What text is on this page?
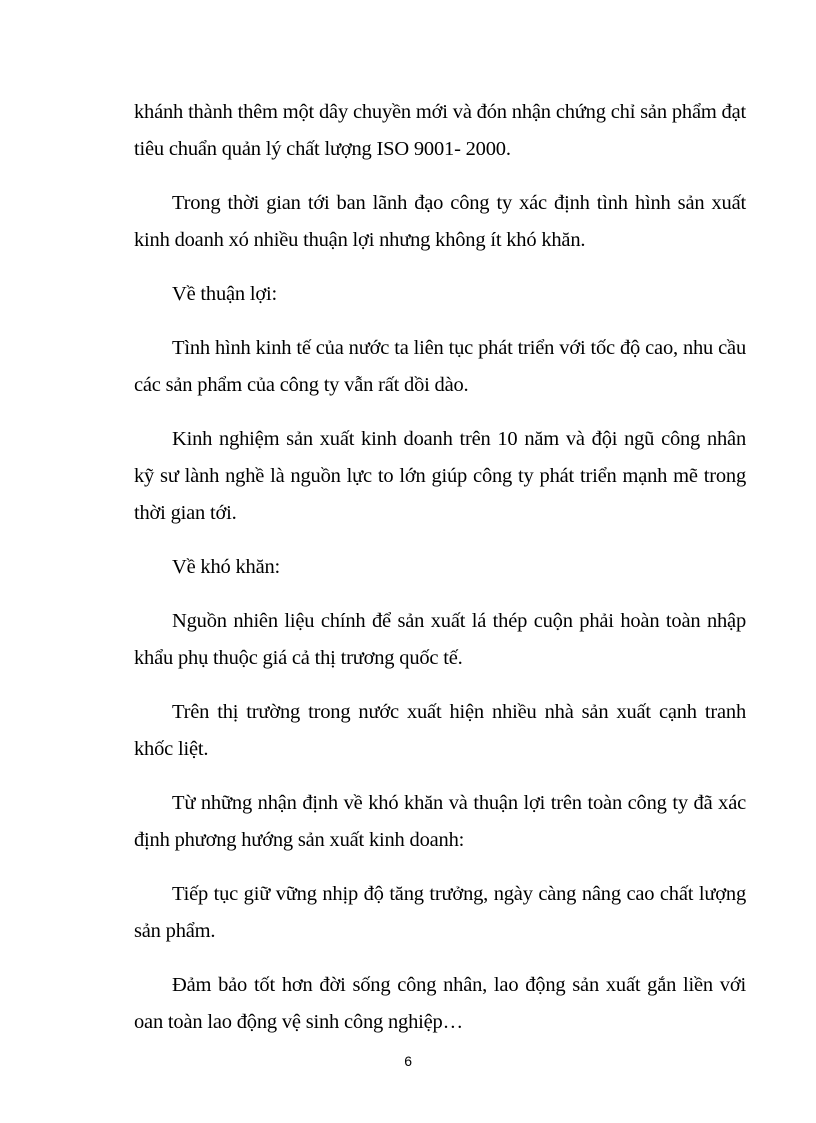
khánh thành thêm một dây chuyền mới và đón nhận chứng chỉ sản phẩm đạt tiêu chuẩn quản lý chất lượng ISO 9001- 2000.

Trong thời gian tới ban lãnh đạo công ty xác định tình hình sản xuất kinh doanh xó nhiều thuận lợi nhưng không ít khó khăn.

Về thuận lợi:

Tình hình kinh tế của nước ta liên tục phát triển với tốc độ cao, nhu cầu các sản phẩm của công ty vẫn rất dồi dào.

Kinh nghiệm sản xuất kinh doanh trên 10 năm và đội ngũ công nhân kỹ sư lành nghề là nguồn lực to lớn giúp công ty phát triển mạnh mẽ trong thời gian tới.

Về khó khăn:

Nguồn nhiên liệu chính để sản xuất lá thép cuộn phải hoàn toàn nhập khẩu phụ thuộc giá cả thị trương quốc tế.

Trên thị trường trong nước xuất hiện nhiều nhà sản xuất cạnh tranh khốc liệt.

Từ những nhận định về khó khăn và thuận lợi trên toàn công ty đã xác định phương hướng sản xuất kinh doanh:

Tiếp tục giữ vững nhịp độ tăng trưởng, ngày càng nâng cao chất lượng sản phẩm.

Đảm bảo tốt hơn đời sống công nhân, lao động sản xuất gắn liền với oan toàn lao động vệ sinh công nghiệp…

6
